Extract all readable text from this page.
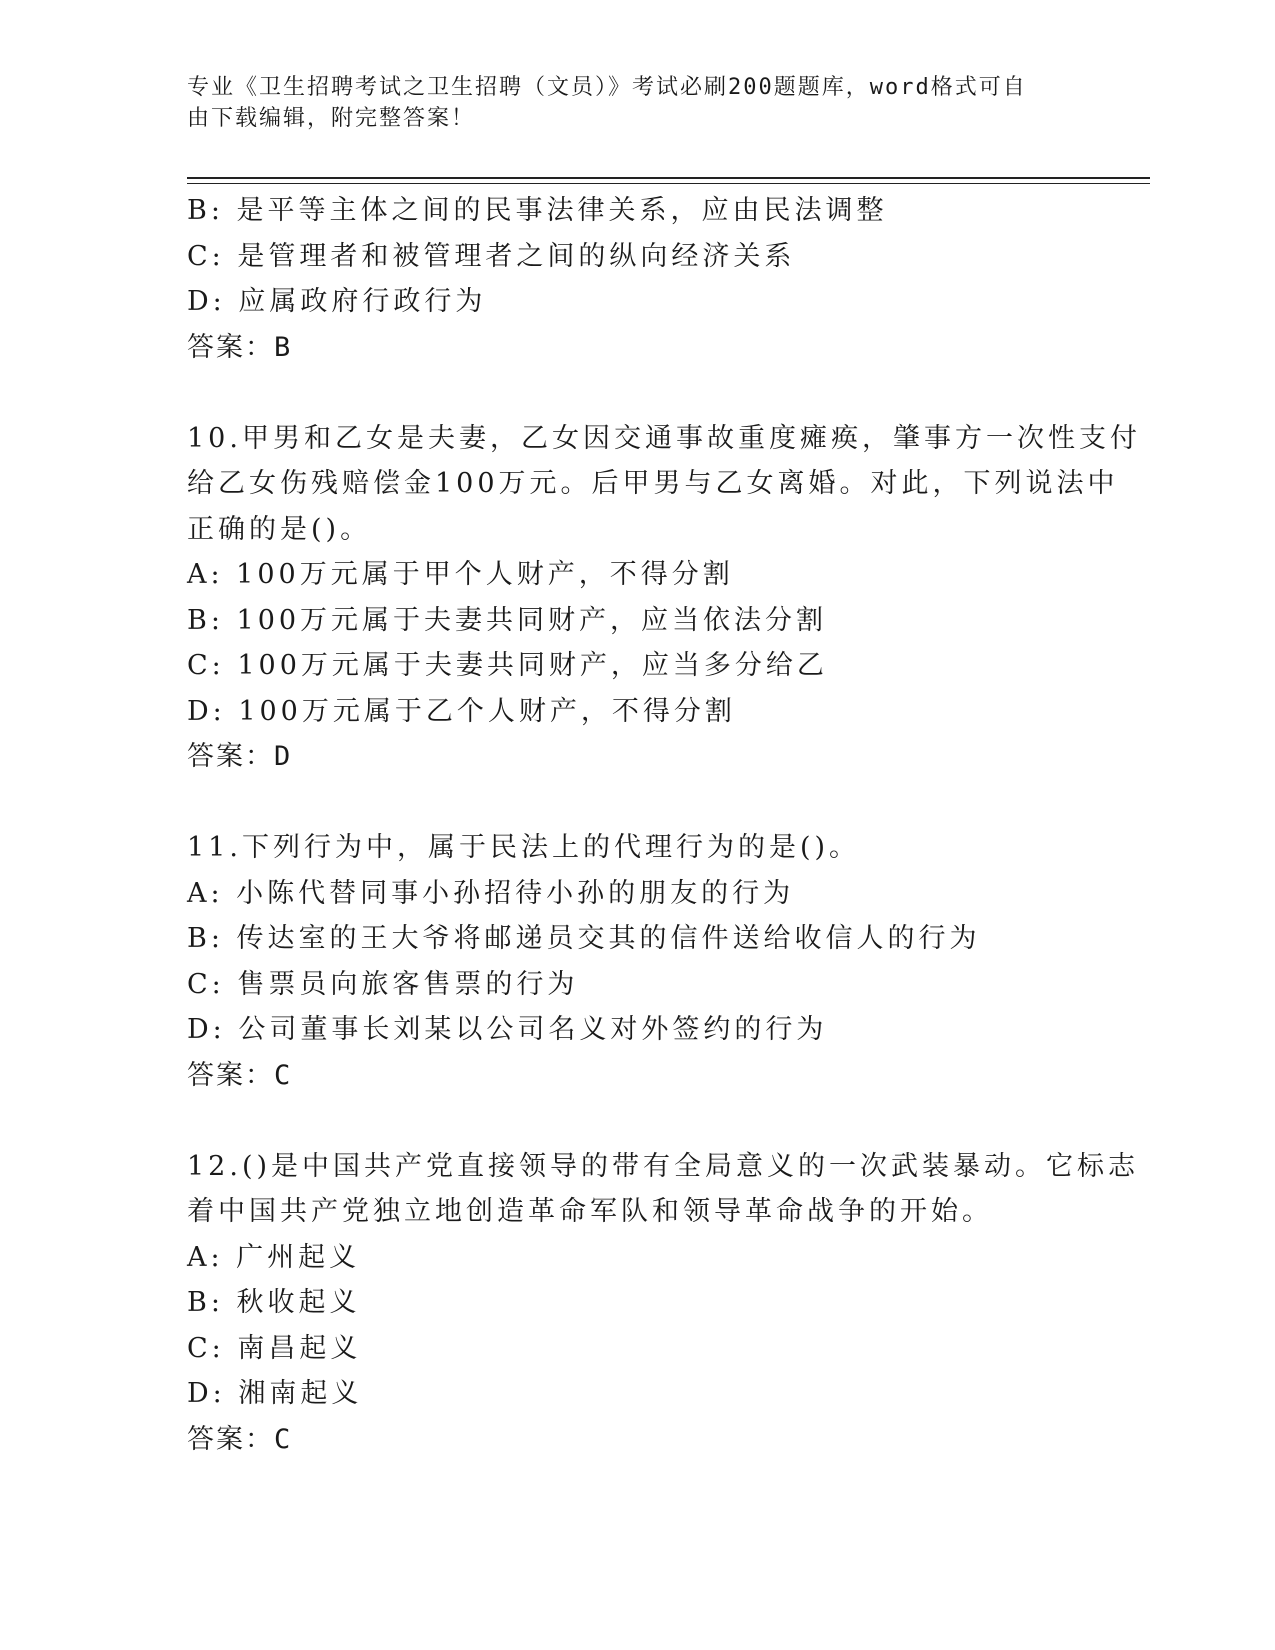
专业《卫生招聘考试之卫生招聘（文员）》考试必刷200题题库，word格式可自
由下载编辑，附完整答案！
B: 是平等主体之间的民事法律关系，应由民法调整
C: 是管理者和被管理者之间的纵向经济关系
D: 应属政府行政行为
答案：B
10.甲男和乙女是夫妻，乙女因交通事故重度瘫痪，肇事方一次性支付
给乙女伤残赔偿金100万元。后甲男与乙女离婚。对此，下列说法中
正确的是()。
A: 100万元属于甲个人财产，不得分割
B: 100万元属于夫妻共同财产，应当依法分割
C: 100万元属于夫妻共同财产，应当多分给乙
D: 100万元属于乙个人财产，不得分割
答案：D
11.下列行为中，属于民法上的代理行为的是()。
A: 小陈代替同事小孙招待小孙的朋友的行为
B: 传达室的王大爷将邮递员交其的信件送给收信人的行为
C: 售票员向旅客售票的行为
D: 公司董事长刘某以公司名义对外签约的行为
答案：C
12.()是中国共产党直接领导的带有全局意义的一次武装暴动。它标志
着中国共产党独立地创造革命军队和领导革命战争的开始。
A: 广州起义
B: 秋收起义
C: 南昌起义
D: 湘南起义
答案：C
